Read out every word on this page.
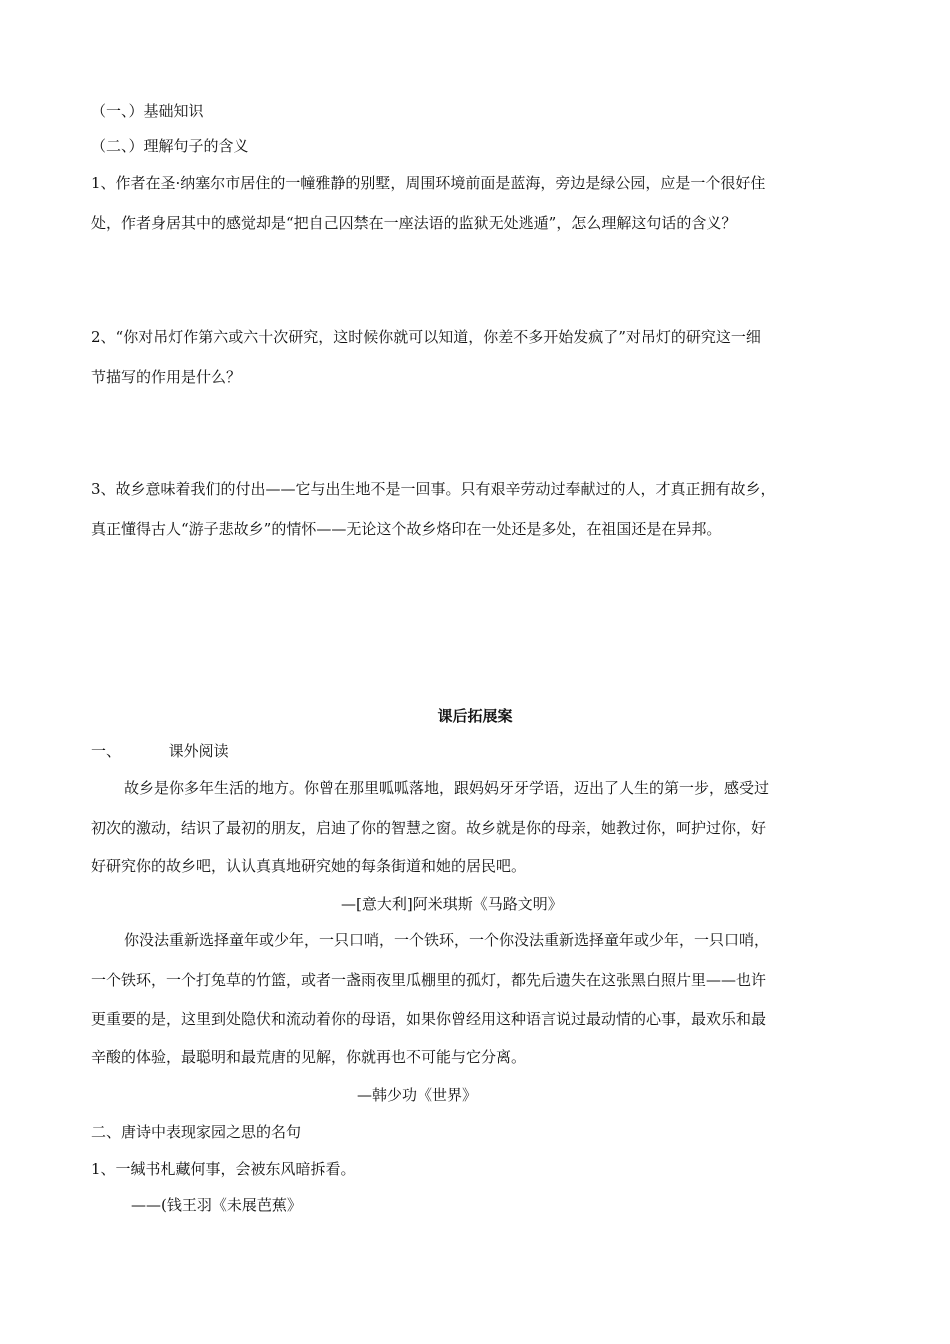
（一、）基础知识
（二、）理解句子的含义
1、作者在圣·纳塞尔市居住的一幢雅静的别墅，周围环境前面是蓝海，旁边是绿公园，应是一个很好住
处，作者身居其中的感觉却是“把自己囚禁在一座法语的监狱无处逃遁”，怎么理解这句话的含义？
2、“你对吊灯作第六或六十次研究，这时候你就可以知道，你差不多开始发疯了”对吊灯的研究这一细
节描写的作用是什么？
3、故乡意味着我们的付出——它与出生地不是一回事。只有艰辛劳动过奉献过的人，才真正拥有故乡，
真正懂得古人“游子悲故乡”的情怀——无论这个故乡烙印在一处还是多处，在祖国还是在异邦。
课后拓展案
一、	课外阅读
故乡是你多年生活的地方。你曾在那里呱呱落地，跟妈妈牙牙学语，迈出了人生的第一步，感受过
初次的激动，结识了最初的朋友，启迪了你的智慧之窗。故乡就是你的母亲，她教过你，呵护过你，好
好研究你的故乡吧，认认真真地研究她的每条街道和她的居民吧。
—[意大利]阿米琪斯《马路文明》
你没法重新选择童年或少年，一只口哨，一个铁环，一个你没法重新选择童年或少年，一只口哨，
一个铁环，一个打兔草的竹篮，或者一盏雨夜里瓜棚里的孤灯，都先后遗失在这张黑白照片里——也许
更重要的是，这里到处隐伏和流动着你的母语，如果你曾经用这种语言说过最动情的心事，最欢乐和最
辛酸的体验，最聪明和最荒唐的见解，你就再也不可能与它分离。
—韩少功《世界》
二、唐诗中表现家园之思的名句
1、一缄书札藏何事，会被东风暗拆看。
——(钱王羽《未展芭蕉》
